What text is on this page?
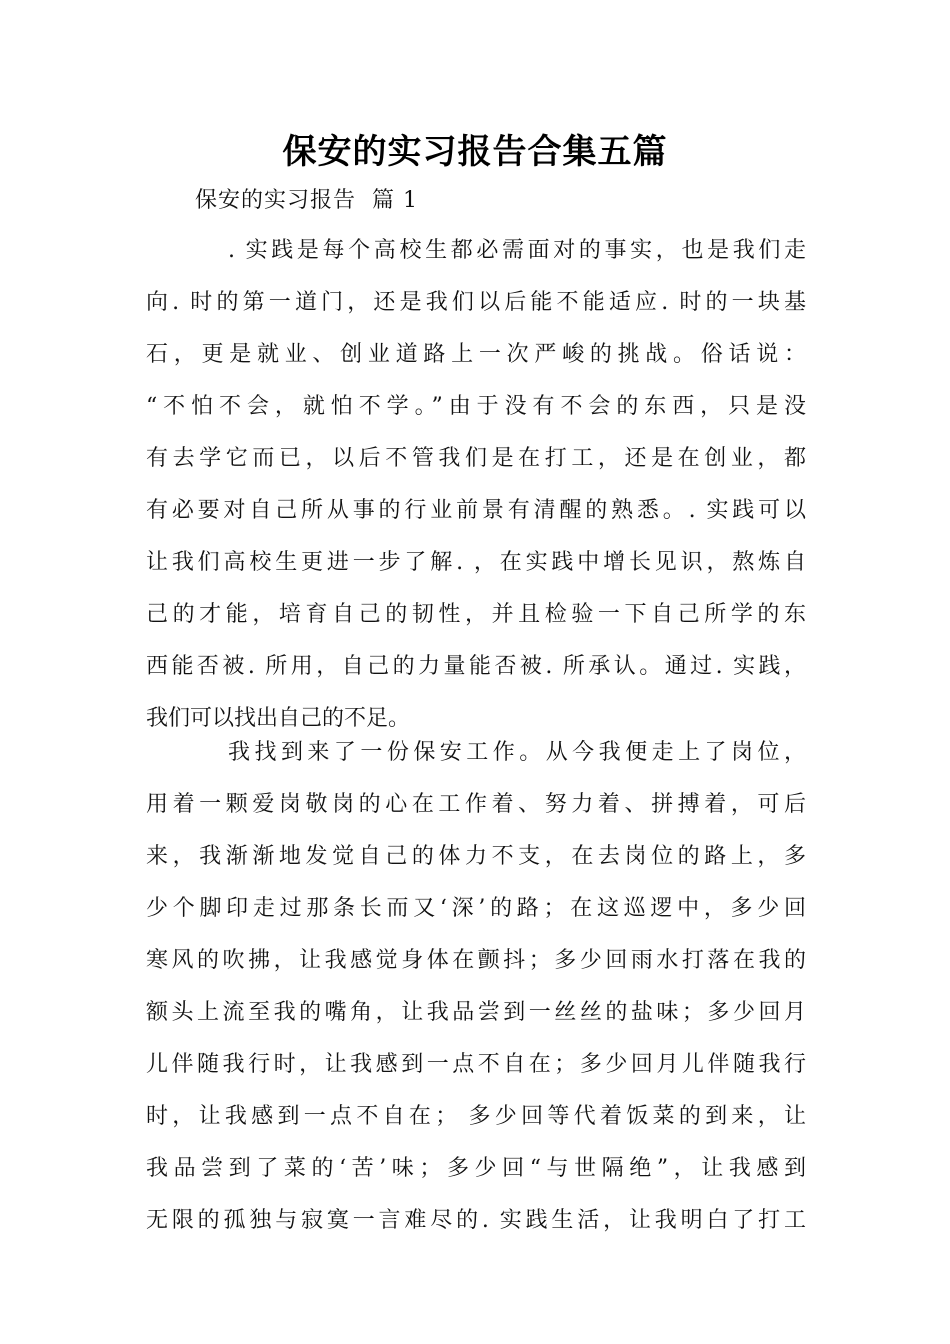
保安的实习报告合集五篇
保安的实习报告  篇 1
. 实践是每个高校生都必需面对的事实，也是我们走
向. 时的第一道门，还是我们以后能不能适应. 时的一块基
石，更是就业、创业道路上一次严峻的挑战。俗话说：
“不怕不会，就怕不学。”由于没有不会的东西，只是没
有去学它而已，以后不管我们是在打工，还是在创业，都
有必要对自己所从事的行业前景有清醒的熟悉。. 实践可以
让我们高校生更进一步了解. ，在实践中增长见识，熬炼自
己的才能，培育自己的韧性，并且检验一下自己所学的东
西能否被. 所用，自己的力量能否被. 所承认。通过. 实践，
我们可以找出自己的不足。
我找到来了一份保安工作。从今我便走上了岗位，
用着一颗爱岗敬岗的心在工作着、努力着、拼搏着，可后
来，我渐渐地发觉自己的体力不支，在去岗位的路上，多
少个脚印走过那条长而又‘深’的路；在这巡逻中，多少回
寒风的吹拂，让我感觉身体在颤抖；多少回雨水打落在我的
额头上流至我的嘴角，让我品尝到一丝丝的盐味；多少回月
儿伴随我行时，让我感到一点不自在；多少回月儿伴随我行
时，让我感到一点不自在； 多少回等代着饭菜的到来，让
我品尝到了菜的‘苦’味；多少回“与世隔绝”，让我感到
无限的孤独与寂寞一言难尽的. 实践生活，让我明白了打工
